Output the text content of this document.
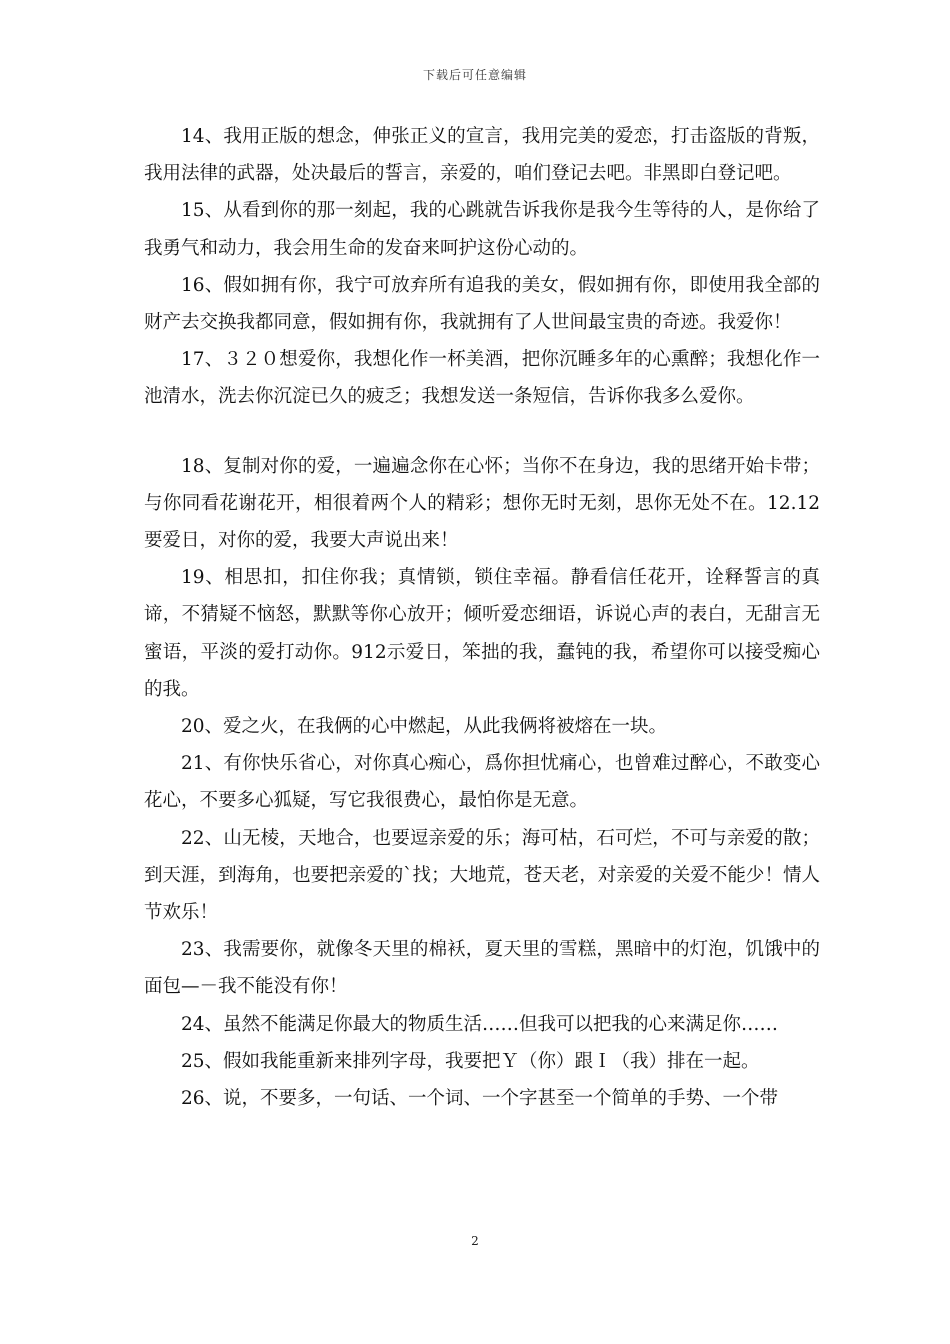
下载后可任意编辑

14、我用正版的想念，伸张正义的宣言，我用完美的爱恋，打击盗版的背叛，我用法律的武器，处决最后的誓言，亲爱的，咱们登记去吧。非黑即白登记吧。

15、从看到你的那一刻起，我的心跳就告诉我你是我今生等待的人，是你给了我勇气和动力，我会用生命的发奋来呵护这份心动的。

16、假如拥有你，我宁可放弃所有追我的美女，假如拥有你，即使用我全部的财产去交换我都同意，假如拥有你，我就拥有了人世间最宝贵的奇迹。我爱你！

17、３２０想爱你，我想化作一杯美酒，把你沉睡多年的心熏醉；我想化作一池清水，洗去你沉淀已久的疲乏；我想发送一条短信，告诉你我多么爱你。

18、复制对你的爱，一遍遍念你在心怀；当你不在身边，我的思绪开始卡带；与你同看花谢花开，相很着两个人的精彩；想你无时无刻，思你无处不在。12.12要爱日，对你的爱，我要大声说出来！

19、相思扣，扣住你我；真情锁，锁住幸福。静看信任花开，诠释誓言的真谛，不猜疑不恼怒，默默等你心放开；倾听爱恋细语，诉说心声的表白，无甜言无蜜语，平淡的爱打动你。912示爱日，笨拙的我，蠢钝的我，希望你可以接受痴心的我。

20、爱之火，在我俩的心中燃起，从此我俩将被熔在一块。

21、有你快乐省心，对你真心痴心，爲你担忧痛心，也曾难过醉心，不敢变心花心，不要多心狐疑，写它我很费心，最怕你是无意。

22、山无棱，天地合，也要逗亲爱的乐；海可枯，石可烂，不可与亲爱的散；到天涯，到海角，也要把亲爱的`找；大地荒，苍天老，对亲爱的关爱不能少！情人节欢乐！

23、我需要你，就像冬天里的棉袄，夏天里的雪糕，黑暗中的灯泡，饥饿中的面包—－我不能没有你！

24、虽然不能满足你最大的物质生活……但我可以把我的心来满足你……

25、假如我能重新来排列字母，我要把Ｙ（你）跟Ｉ（我）排在一起。

26、说，不要多，一句话、一个词、一个字甚至一个简单的手势、一个带

2
